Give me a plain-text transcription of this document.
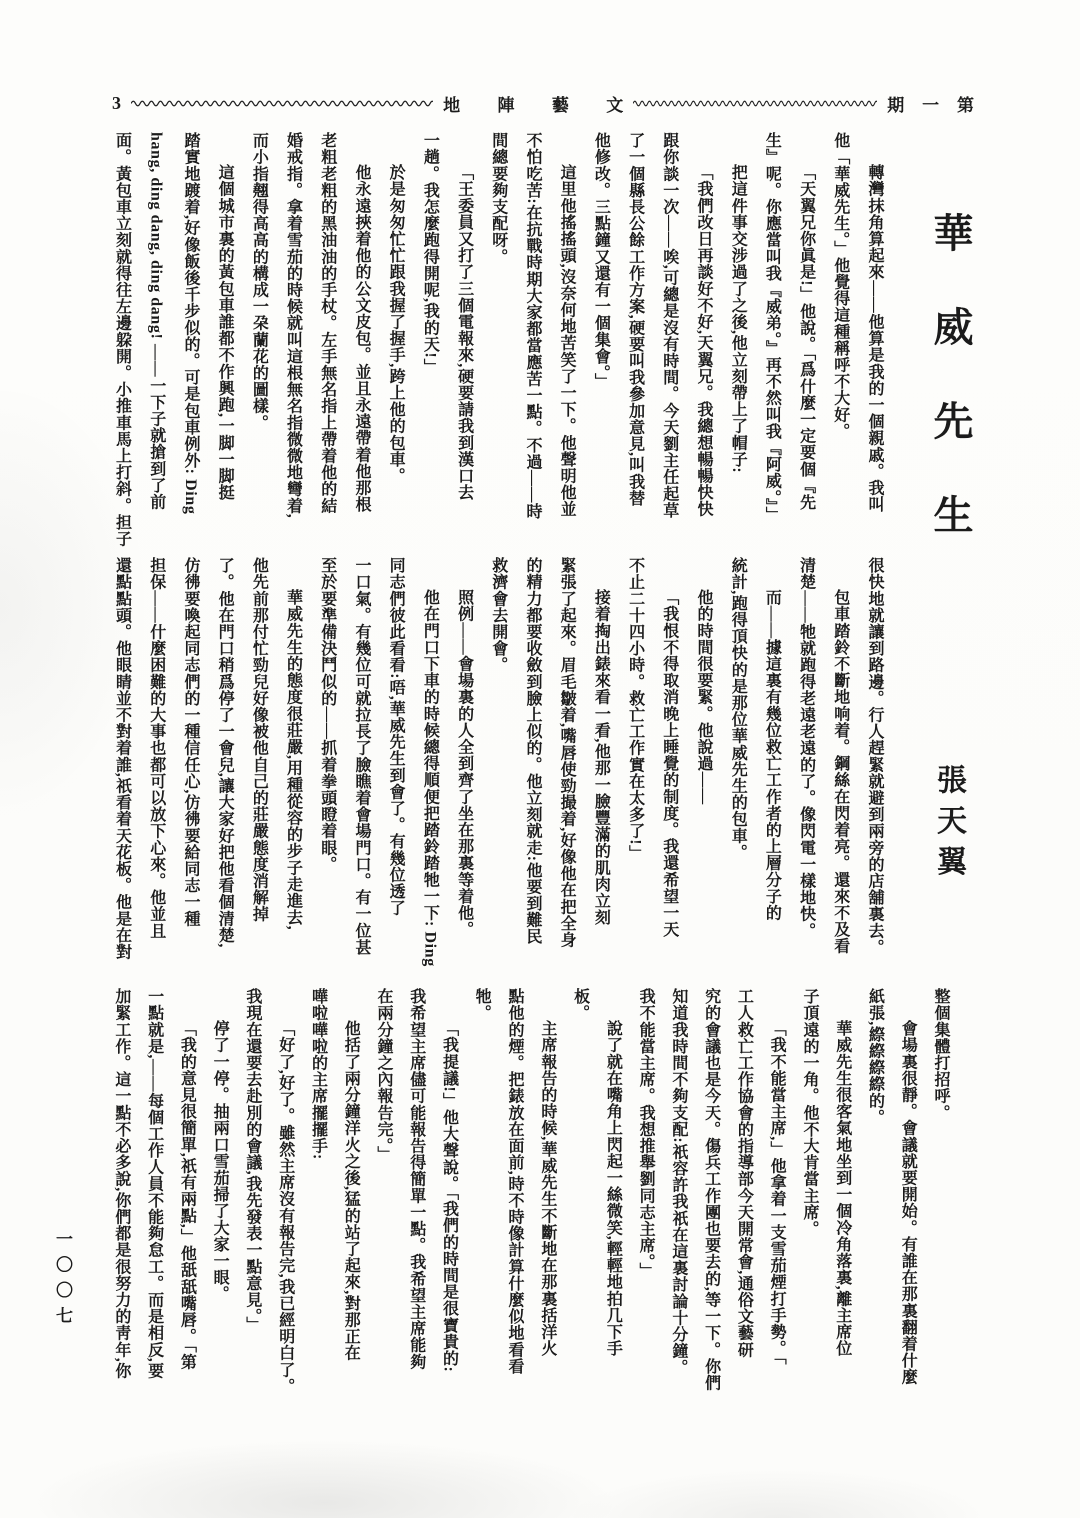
3	地陣藝文	期一第
華威先生
張天翼
轉灣抹角算起來——他算是我的一個親戚。我叫
他「華威先生。」他覺得這種稱呼不大好。
「天翼兄你眞是!」他說。「爲什麼一定要個『先
生』呢。你應當叫我『威弟。』再不然叫我『阿威。』」
把這件事交涉過了之後,他立刻帶上了帽子:
「我們改日再談好不好,天翼兄。我總想暢暢快快
跟你談一次——唉,可總是沒有時間。今天劉主任起草
了一個縣長公餘工作方案,硬要叫我參加意見,叫我替
他修改。三點鐘又還有一個集會。」
這里他搖搖頭,沒奈何地苦笑了一下。他聲明他並
不怕吃苦:在抗戰時期大家都當應苦一點。不過——時
間總要夠支配呀。
「王委員又打了三個電報來,硬要請我到漢口去
一趟。我怎麼跑得開呢,我的天!」
於是匆匆忙忙跟我握了握手,跨上他的包車。
他永遠挾着他的公文皮包。並且永遠帶着他那根
老粗老粗的黑油油的手杖。左手無名指上帶着他的結
婚戒指。拿着雪茄的時候就叫這根無名指微微地彎着,
而小指翹得高高的構成一朶蘭花的圖樣。
這個城市裏的黃包車誰都不作興跑,一脚一脚挺
踏實地踱着,好像飯後千步似的。可是包車例外: Ding
hang, ding dang, ding dang! ——一下子就搶到了前
面。黃包車立刻就得往左邊躱開。小推車馬上打斜。担子
很快地就讓到路邊。行人趕緊就避到兩旁的店舖裏去。
包車踏鈴不斷地响着。鋼絲在閃着亮。還來不及看
清楚——牠就跑得老遠老遠的了。像閃電一樣地快。
而——據這裏有幾位救亡工作者的上層分子的
統計,跑得頂快的是那位華威先生的包車。
他的時間很要緊。他說過——
「我恨不得取消晚上睡覺的制度。我還希望一天
不止二十四小時。救亡工作實在太多了!」
接着掏出錶來看一看,他那一臉豐滿的肌肉立刻
緊張了起來。眉毛皺着,嘴唇使勁撮着,好像他在把全身
的精力都要收斂到臉上似的。他立刻就走:他要到難民
救濟會去開會。
照例——會場裏的人全到齊了坐在那裏等着他。
他在門口下車的時候總得順便把踏鈴踏牠一下: Ding
同志們彼此看看:唔,華威先生到會了。有幾位透了
一口氣。有幾位可就拉長了臉瞧着會場門口。有一位甚
至於要準備決鬥似的——抓着拳頭瞪着眼。
華威先生的態度很莊嚴,用種從容的步子走進去,
他先前那付忙勁兒好像被他自己的莊嚴態度消解掉
了。他在門口稍爲停了一會兒,讓大家好把他看個清楚,
仿彿要喚起同志們的一種信任心,仿彿要給同志一種
担保——什麼困難的大事也都可以放下心來。他並且
還點點頭。他眼睛並不對着誰,祇看着天花板。他是在對
整個集體打招呼。
會場裏很靜。會議就要開始。有誰在那裏翻着什麼
紙張,縩縩縩縩的。
華威先生很客氣地坐到一個冷角落裏,離主席位
子頂遠的一角。他不大肯當主席。
「我不能當主席,」他拿着一支雪茄煙打手勢。「
工人救亡工作協會的指導部今天開常會,通俗文藝研
究的會議也是今天。傷兵工作團也要去的,等一下。你們
知道我時間不夠支配:祇容許我祇在這裏討論十分鐘。
我不能當主席。我想推舉劉同志主席。」
說了就在嘴角上閃起一絲微笑,輕輕地拍几下手
板。
主席報告的時候,華威先生不斷地在那裏括洋火
點他的煙。把錶放在面前,時不時像計算什麼似地看看
牠。
「我提議!」他大聲說。「我們的時間是很寶貴的:
我希望主席儘可能報告得簡單一點。我希望主席能夠
在兩分鐘之內報告完。」
他括了兩分鐘洋火之後,猛的站了起來,對那正在
嘩啦嘩啦的主席擺擺手:
「好了,好了。雖然主席沒有報告完,我已經明白了。
我現在還要去赴別的會議,我先發表一點意見。」
停了一停。抽兩口雪茄掃了大家一眼。
「我的意見很簡單,祇有兩點,」他舐舐嘴唇。「第
一點就是,——每個工作人員不能夠怠工。而是相反,要
加緊工作。這一點不必多說,你們都是很努力的靑年,你
一〇〇七
